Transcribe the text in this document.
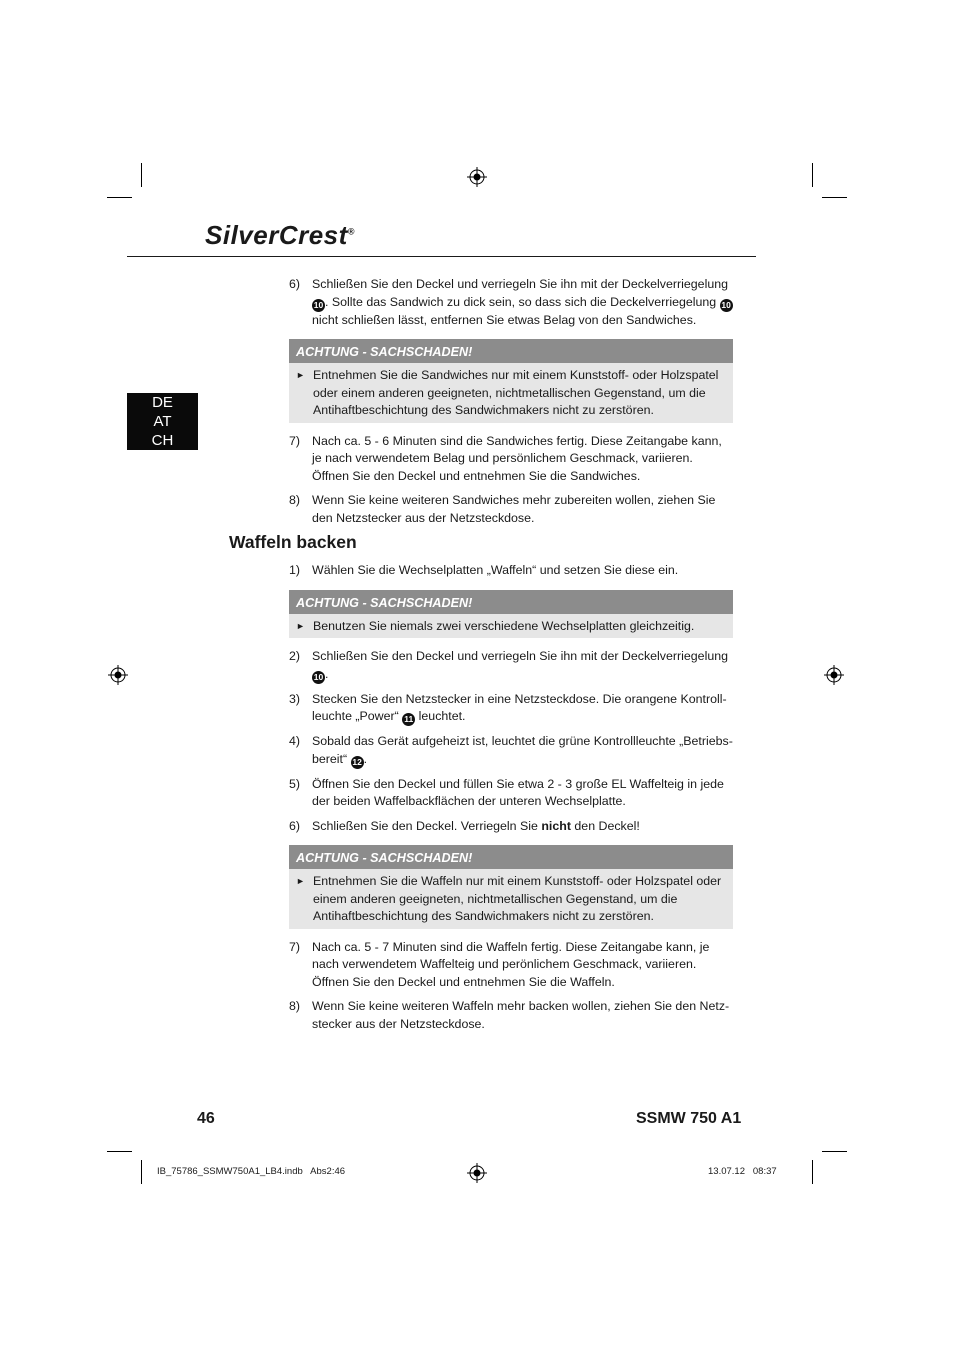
SilverCrest®
DE
AT
CH
6) Schließen Sie den Deckel und verriegeln Sie ihn mit der Deckelverriegelung 10 . Sollte das Sandwich zu dick sein, so dass sich die Deckelverriegelung 10 nicht schließen lässt, entfernen Sie etwas Belag von den Sandwiches.
ACHTUNG - SACHSCHADEN!
► Entnehmen Sie die Sandwiches nur mit einem Kunststoff- oder Holzspatel oder einem anderen geeigneten, nichtmetallischen Gegenstand, um die Antihaftbeschichtung des Sandwichmakers nicht zu zerstören.
7) Nach ca. 5 - 6 Minuten sind die Sandwiches fertig. Diese Zeitangabe kann, je nach verwendetem Belag und persönlichem Geschmack, variieren. Öffnen Sie den Deckel und entnehmen Sie die Sandwiches.
8) Wenn Sie keine weiteren Sandwiches mehr zubereiten wollen, ziehen Sie den Netzstecker aus der Netzsteckdose.
Waffeln backen
1) Wählen Sie die Wechselplatten „Waffeln“ und setzen Sie diese ein.
ACHTUNG - SACHSCHADEN!
► Benutzen Sie niemals zwei verschiedene Wechselplatten gleichzeitig.
2) Schließen Sie den Deckel und verriegeln Sie ihn mit der Deckelverriegelung 10 .
3) Stecken Sie den Netzstecker in eine Netzsteckdose. Die orangene Kontrollleuchte „Power“ 11 leuchtet.
4) Sobald das Gerät aufgeheizt ist, leuchtet die grüne Kontrollleuchte „Betriebsbereit“ 12 .
5) Öffnen Sie den Deckel und füllen Sie etwa 2 - 3 große EL Waffelteig in jede der beiden Waffelbackflächen der unteren Wechselplatte.
6) Schließen Sie den Deckel. Verriegeln Sie nicht den Deckel!
ACHTUNG - SACHSCHADEN!
► Entnehmen Sie die Waffeln nur mit einem Kunststoff- oder Holzspatel oder einem anderen geeigneten, nichtmetallischen Gegenstand, um die Antihaftbeschichtung des Sandwichmakers nicht zu zerstören.
7) Nach ca. 5 - 7 Minuten sind die Waffeln fertig. Diese Zeitangabe kann, je nach verwendetem Waffelteig und perönlichem Geschmack, variieren. Öffnen Sie den Deckel und entnehmen Sie die Waffeln.
8) Wenn Sie keine weiteren Waffeln mehr backen wollen, ziehen Sie den Netzstecker aus der Netzsteckdose.
46	SSMW 750 A1
IB_75786_SSMW750A1_LB4.indb   Abs2:46	13.07.12   08:37
